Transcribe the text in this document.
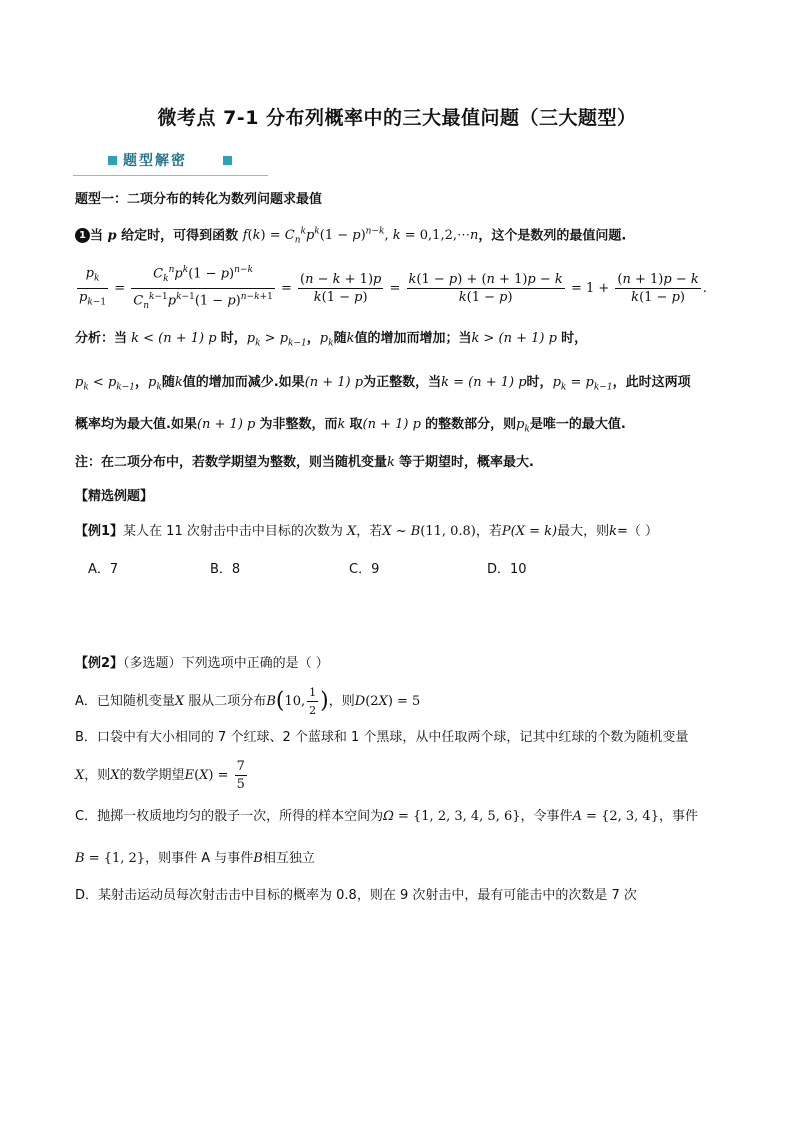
微考点 7-1 分布列概率中的三大最值问题（三大题型）
题型解密
题型一：二项分布的转化为数列问题求最值
1 当 p 给定时，可得到函数 $f(k) = C_n^kp^k(1 - p)^{n-k}$, k = 0,1,2,⋯n，这个是数列的最值问题.
$\frac{p_k}{p_{k-1}} = \frac{C_k^np^k(1 - p)^{n-k}}{C_n^{k-1}p^{k-1}(1 - p)^{n-k+1}} = \frac{(n - k + 1)p}{k(1 - p)} = \frac{k(1 - p) + (n + 1)p - k}{k(1 - p)} = 1 + \frac{(n + 1)p - k}{k(1 - p)}$ .
分析：当 k < (n + 1) p 时，$p_k > p_{k-1}$，$p_k$随k值的增加而增加；当k > (n + 1) p 时，
$p_k < p_{k-1}$，$p_k$随k值的增加而减少.如果(n + 1) p为正整数，当k = (n + 1) p时，$p_k = p_{k-1}$，此时这两项
概率均为最大值.如果(n + 1) p 为非整数，而k 取(n + 1) p 的整数部分，则$p_k$是唯一的最大值.
注：在二项分布中，若数学期望为整数，则当随机变量k 等于期望时，概率最大.
【精选例题】
【例1】某人在 11 次射击中击中目标的次数为 X，若X ~ B(11, 0.8)，若P(X = k)最大，则k=（ ）
A．7	B．8	C．9	D．10
【例2】（多选题）下列选项中正确的是（ ）
A．已知随机变量X 服从二项分布B(10, $\frac{1}{2}$ )，则D(2X) = 5
B．口袋中有大小相同的 7 个红球、2 个蓝球和 1 个黑球，从中任取两个球，记其中红球的个数为随机变量
X，则X的数学期望$E(X) = \frac{7}{5}$
C．抛掷一枚质地均匀的骰子一次，所得的样本空间为Ω = {1, 2, 3, 4, 5, 6}，令事件A = {2, 3, 4}，事件
B = {1, 2}，则事件 A 与事件B相互独立
D．某射击运动员每次射击击中目标的概率为 0.8，则在 9 次射击中，最有可能击中的次数是 7 次
